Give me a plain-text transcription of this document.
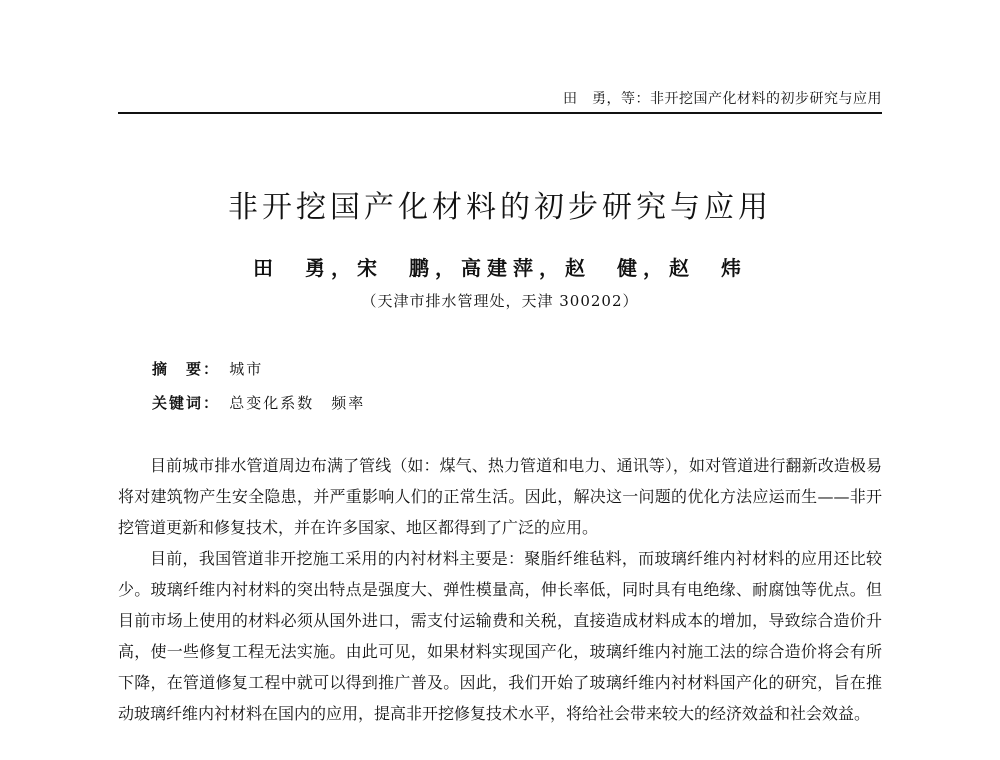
田　勇，等：非开挖国产化材料的初步研究与应用
非开挖国产化材料的初步研究与应用
田　勇，宋　鹏，高建萍，赵　健，赵　炜
（天津市排水管理处，天津 300202）
摘　要： 城市
关键词： 总变化系数　频率

目前城市排水管道周边布满了管线（如：煤气、热力管道和电力、通讯等），如对管道进行翻新改造极易将对建筑物产生安全隐患，并严重影响人们的正常生活。因此，解决这一问题的优化方法应运而生——非开挖管道更新和修复技术，并在许多国家、地区都得到了广泛的应用。

目前，我国管道非开挖施工采用的内衬材料主要是：聚脂纤维毡料，而玻璃纤维内衬材料的应用还比较少。玻璃纤维内衬材料的突出特点是强度大、弹性模量高，伸长率低，同时具有电绝缘、耐腐蚀等优点。但目前市场上使用的材料必须从国外进口，需支付运输费和关税，直接造成材料成本的增加，导致综合造价升高，使一些修复工程无法实施。由此可见，如果材料实现国产化，玻璃纤维内衬施工法的综合造价将会有所下降，在管道修复工程中就可以得到推广普及。因此，我们开始了玻璃纤维内衬材料国产化的研究，旨在推动玻璃纤维内衬材料在国内的应用，提高非开挖修复技术水平，将给社会带来较大的经济效益和社会效益。
